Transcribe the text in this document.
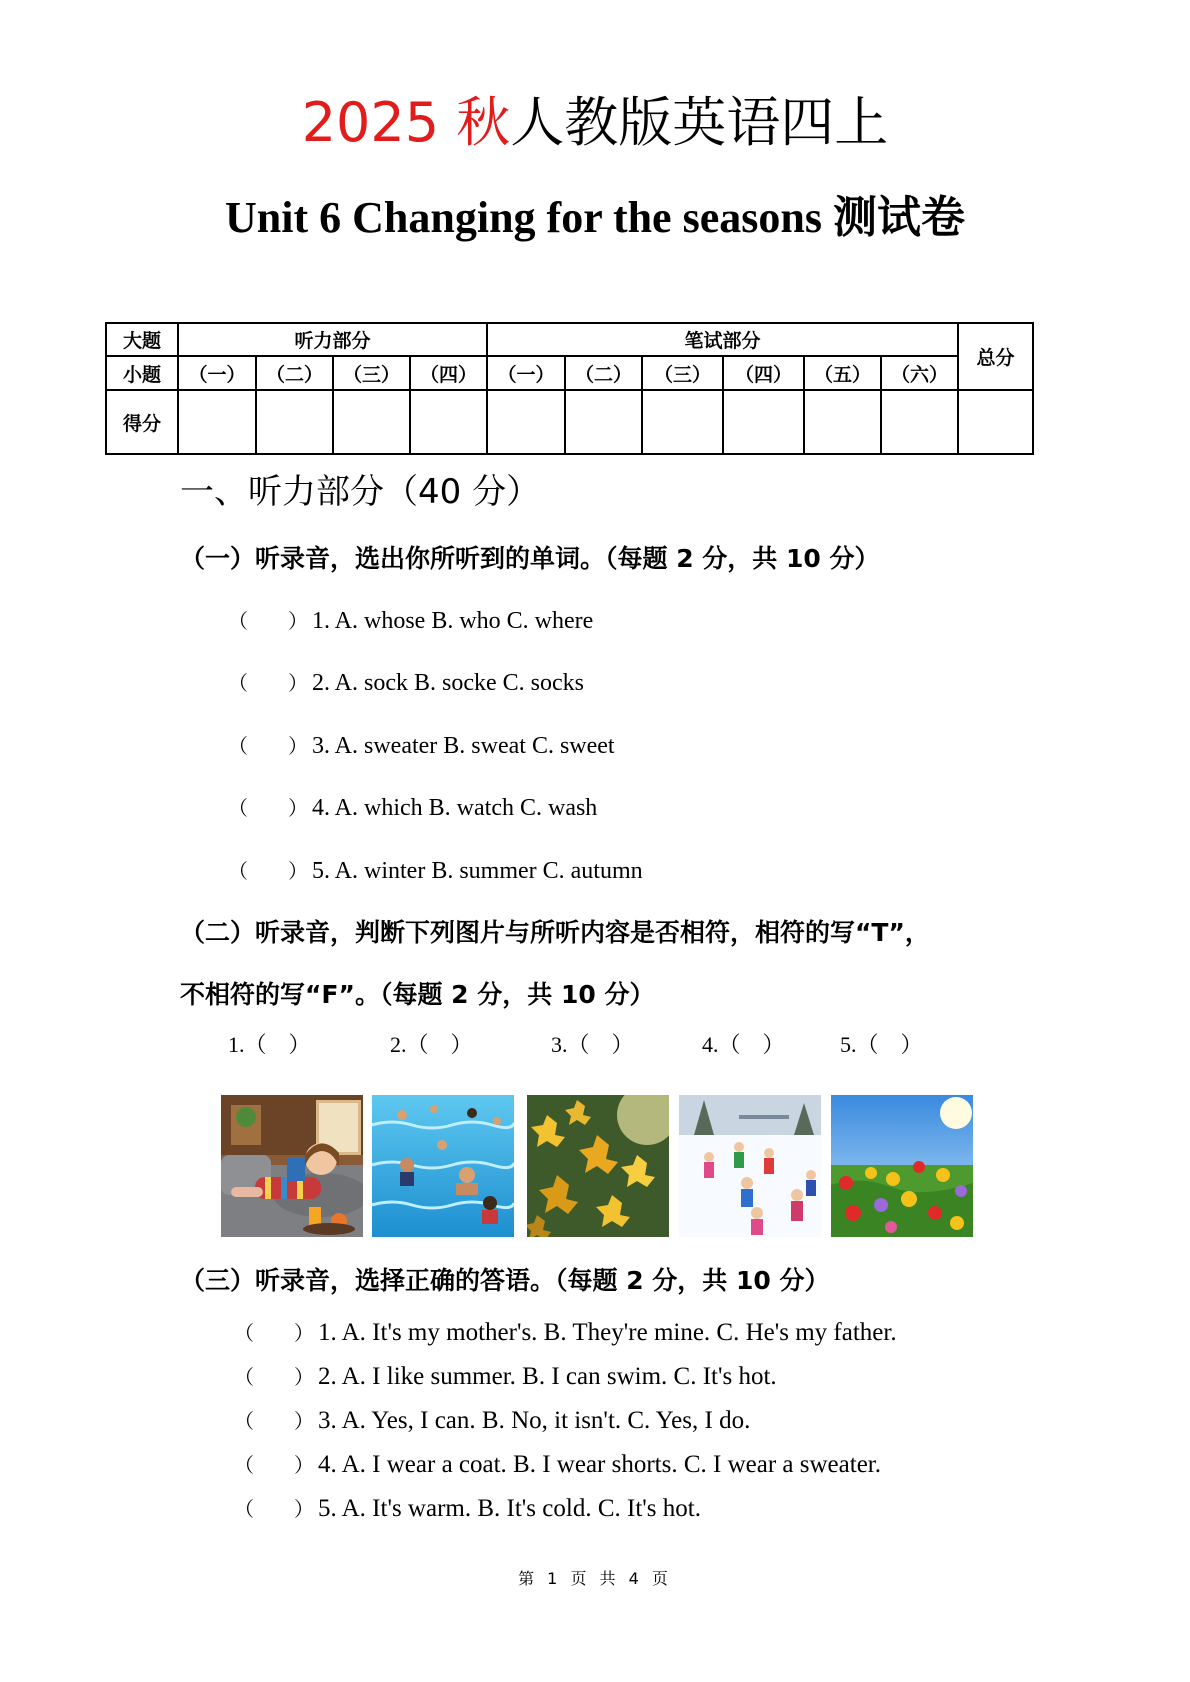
2025 秋人教版英语四上
Unit 6 Changing for the seasons 测试卷
大题	听力部分				笔试部分						总分
小题	（一）	（二）	（三）	（四）	（一）	（二）	（三）	（四）	（五）	（六）	
得分											
一、听力部分（40 分）
（一）听录音，选出你所听到的单词。（每题 2 分，共 10 分）
（　　） 1. A. whose B. who C. where
（　　） 2. A. sock B. socke C. socks
（　　） 3. A. sweater B. sweat C. sweet
（　　） 4. A. which B. watch C. wash
（　　） 5. A. winter B. summer C. autumn
（二）听录音，判断下列图片与所听内容是否相符，相符的写“T”，
不相符的写“F”。（每题 2 分，共 10 分）
1.（　）	2.（　）	3.（　）	4.（　）	5.（　）
（三）听录音，选择正确的答语。（每题 2 分，共 10 分）
（　　） 1. A. It's my mother's. B. They're mine. C. He's my father.
（　　） 2. A. I like summer. B. I can swim. C. It's hot.
（　　） 3. A. Yes, I can. B. No, it isn't. C. Yes, I do.
（　　） 4. A. I wear a coat. B. I wear shorts. C. I wear a sweater.
（　　） 5. A. It's warm. B. It's cold. C. It's hot.
第 1 页 共 4 页
